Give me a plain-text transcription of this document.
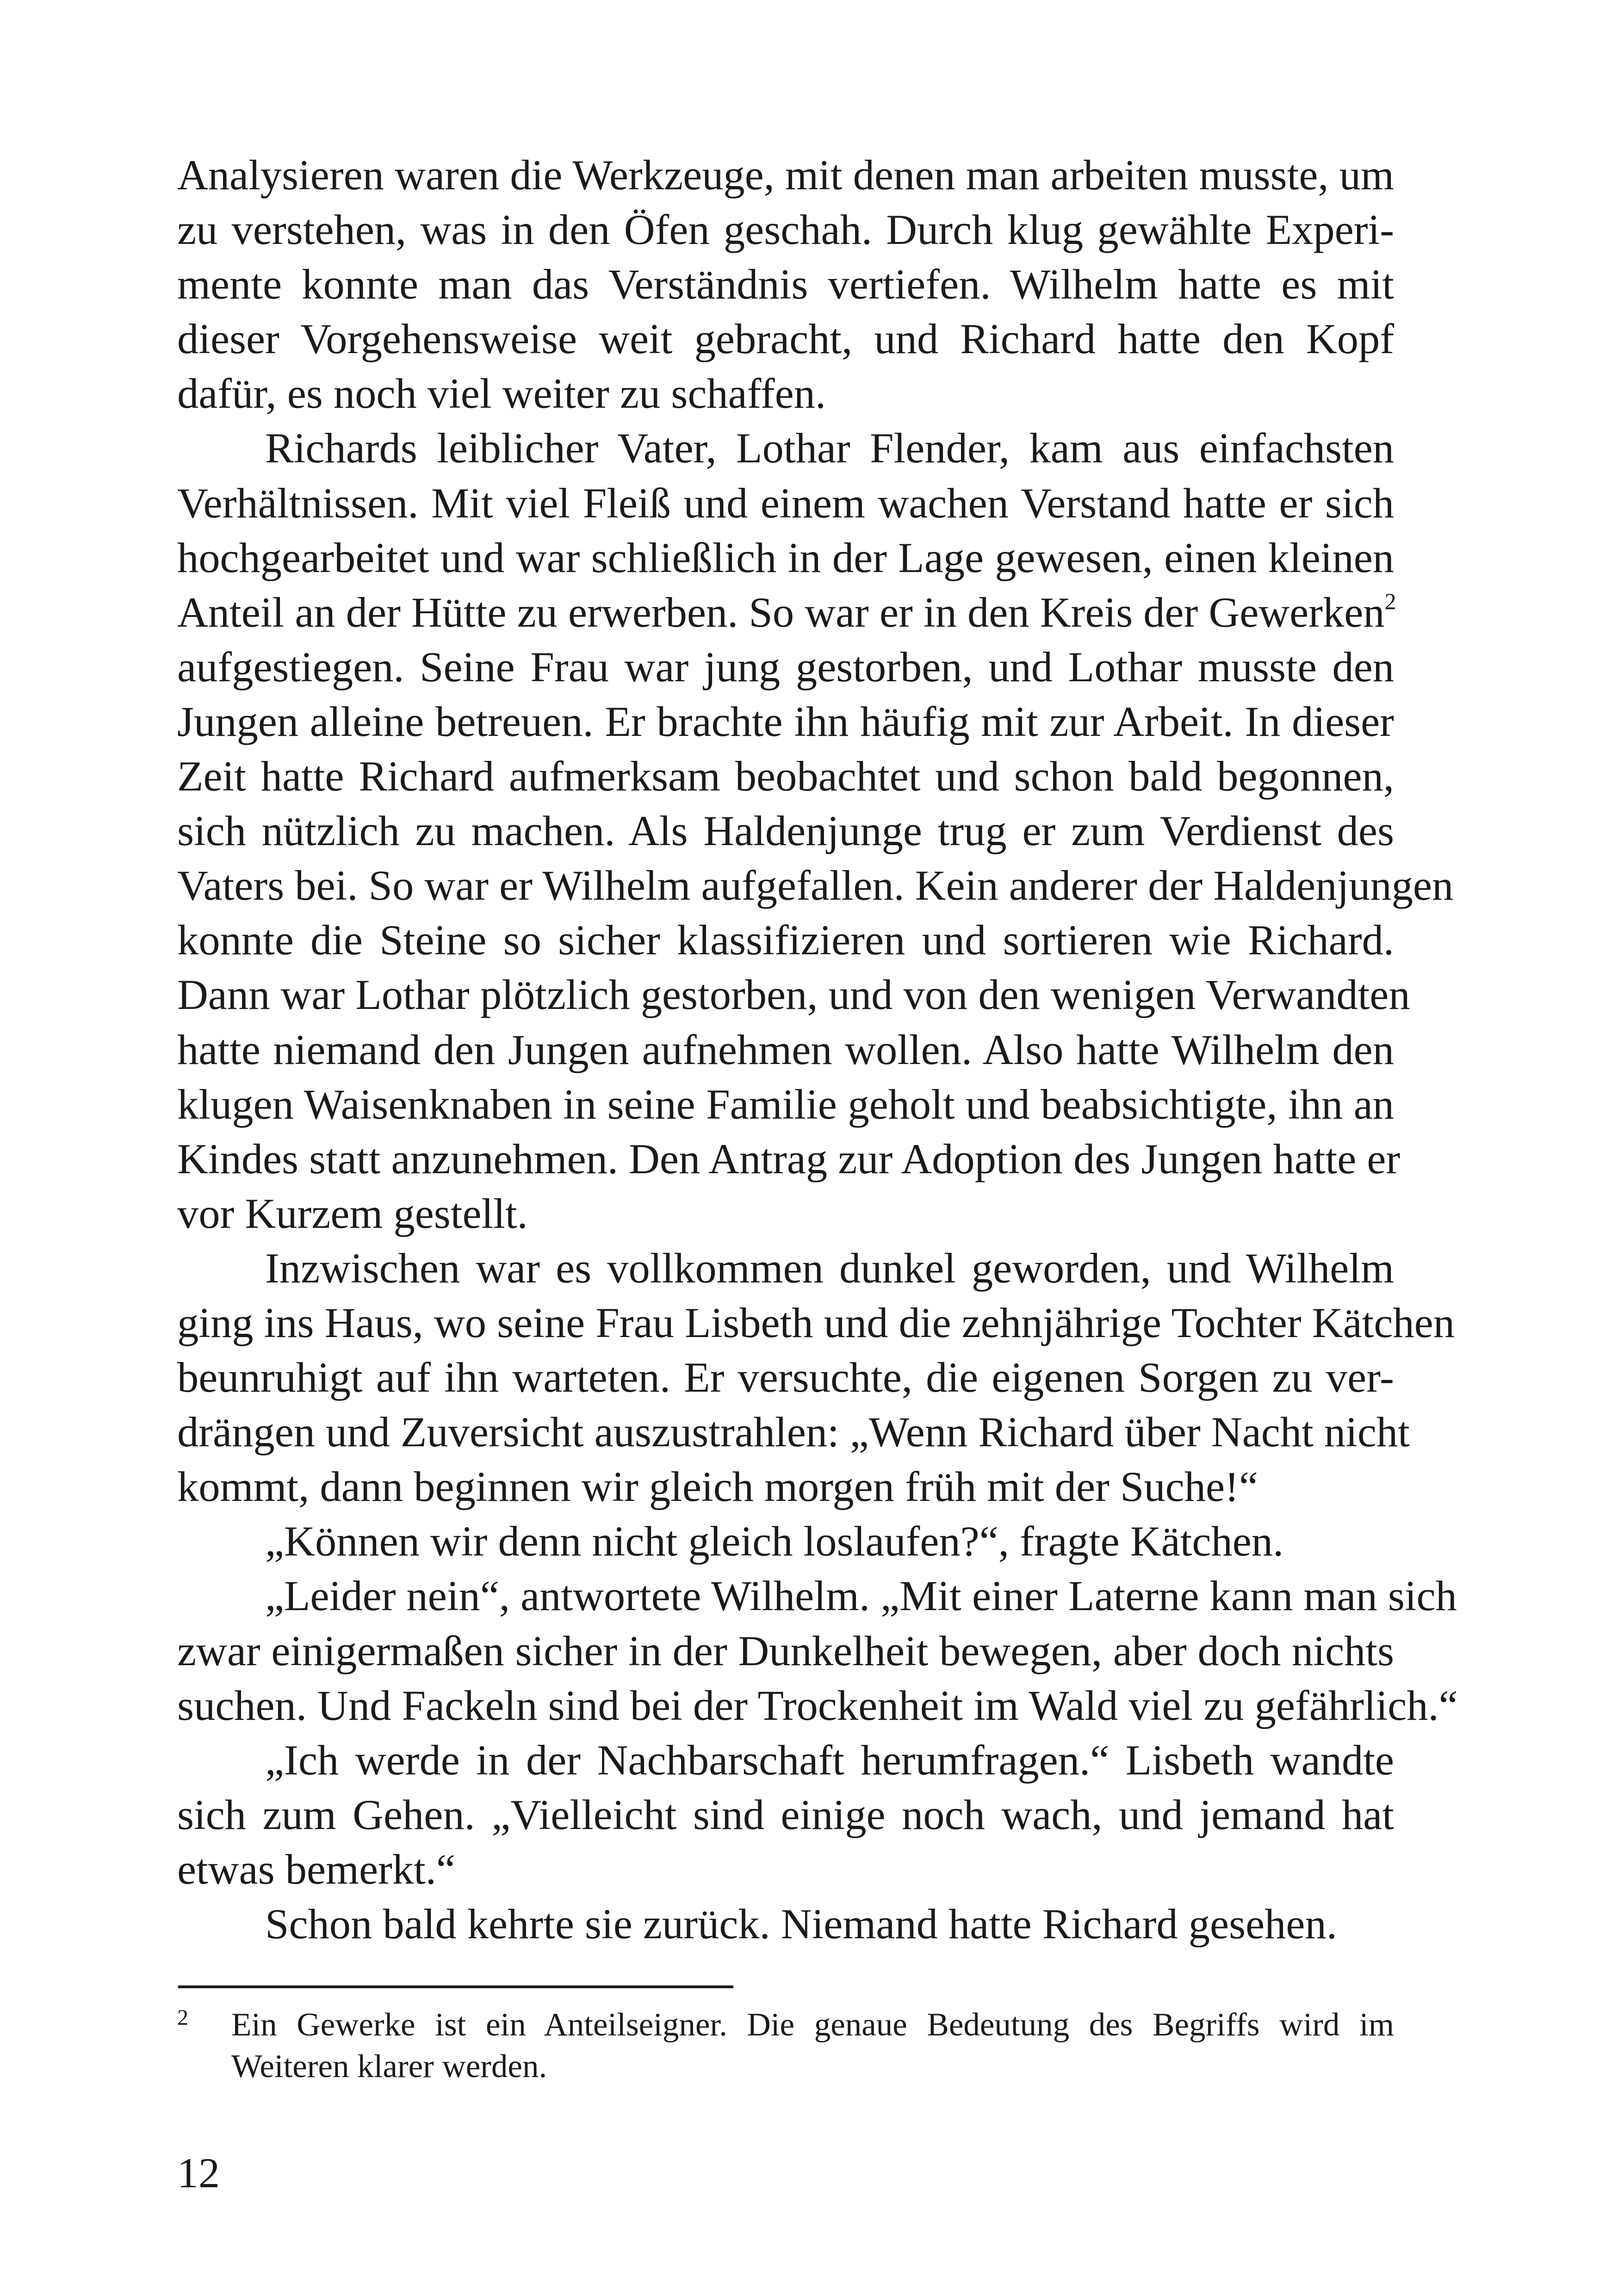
Analysieren waren die Werkzeuge, mit denen man arbeiten musste, um
zu verstehen, was in den Öfen geschah. Durch klug gewählte Experi-
mente konnte man das Verständnis vertiefen. Wilhelm hatte es mit
dieser Vorgehensweise weit gebracht, und Richard hatte den Kopf
dafür, es noch viel weiter zu schaffen.
Richards leiblicher Vater, Lothar Flender, kam aus einfachsten
Verhältnissen. Mit viel Fleiß und einem wachen Verstand hatte er sich
hochgearbeitet und war schließlich in der Lage gewesen, einen kleinen
Anteil an der Hütte zu erwerben. So war er in den Kreis der Gewerken$^2$
aufgestiegen. Seine Frau war jung gestorben, und Lothar musste den
Jungen alleine betreuen. Er brachte ihn häufig mit zur Arbeit. In dieser
Zeit hatte Richard aufmerksam beobachtet und schon bald begonnen,
sich nützlich zu machen. Als Haldenjunge trug er zum Verdienst des
Vaters bei. So war er Wilhelm aufgefallen. Kein anderer der Haldenjungen
konnte die Steine so sicher klassifizieren und sortieren wie Richard.
Dann war Lothar plötzlich gestorben, und von den wenigen Verwandten
hatte niemand den Jungen aufnehmen wollen. Also hatte Wilhelm den
klugen Waisenknaben in seine Familie geholt und beabsichtigte, ihn an
Kindes statt anzunehmen. Den Antrag zur Adoption des Jungen hatte er
vor Kurzem gestellt.
Inzwischen war es vollkommen dunkel geworden, und Wilhelm
ging ins Haus, wo seine Frau Lisbeth und die zehnjährige Tochter Kätchen
beunruhigt auf ihn warteten. Er versuchte, die eigenen Sorgen zu ver-
drängen und Zuversicht auszustrahlen: „Wenn Richard über Nacht nicht
kommt, dann beginnen wir gleich morgen früh mit der Suche!“
„Können wir denn nicht gleich loslaufen?“, fragte Kätchen.
„Leider nein“, antwortete Wilhelm. „Mit einer Laterne kann man sich
zwar einigermaßen sicher in der Dunkelheit bewegen, aber doch nichts
suchen. Und Fackeln sind bei der Trockenheit im Wald viel zu gefährlich.“
„Ich werde in der Nachbarschaft herumfragen.“ Lisbeth wandte
sich zum Gehen. „Vielleicht sind einige noch wach, und jemand hat
etwas bemerkt.“
Schon bald kehrte sie zurück. Niemand hatte Richard gesehen.
2 Ein Gewerke ist ein Anteilseigner. Die genaue Bedeutung des Begriffs wird im
Weiteren klarer werden.
12
